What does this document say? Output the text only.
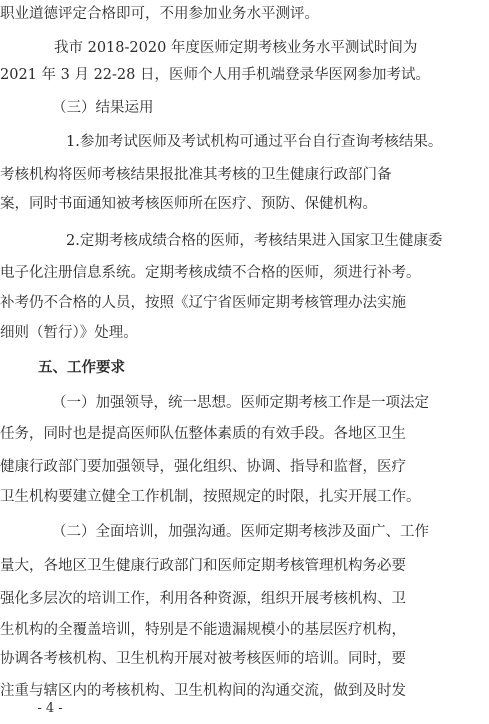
职业道德评定合格即可，不用参加业务水平测评。
我市 2018-2020 年度医师定期考核业务水平测试时间为
2021 年 3 月 22-28 日，医师个人用手机端登录华医网参加考试。
（三）结果运用
1.参加考试医师及考试机构可通过平台自行查询考核结果。
考核机构将医师考核结果报批准其考核的卫生健康行政部门备
案，同时书面通知被考核医师所在医疗、预防、保健机构。
2.定期考核成绩合格的医师，考核结果进入国家卫生健康委
电子化注册信息系统。定期考核成绩不合格的医师，须进行补考。
补考仍不合格的人员，按照《辽宁省医师定期考核管理办法实施
细则（暂行）》处理。
五、工作要求
（一）加强领导，统一思想。医师定期考核工作是一项法定
任务，同时也是提高医师队伍整体素质的有效手段。各地区卫生
健康行政部门要加强领导，强化组织、协调、指导和监督，医疗
卫生机构要建立健全工作机制，按照规定的时限，扎实开展工作。
（二）全面培训，加强沟通。医师定期考核涉及面广、工作
量大，各地区卫生健康行政部门和医师定期考核管理机构务必要
强化多层次的培训工作，利用各种资源，组织开展考核机构、卫
生机构的全覆盖培训，特别是不能遗漏规模小的基层医疗机构，
协调各考核机构、卫生机构开展对被考核医师的培训。同时，要
注重与辖区内的考核机构、卫生机构间的沟通交流，做到及时发
- 4 -
